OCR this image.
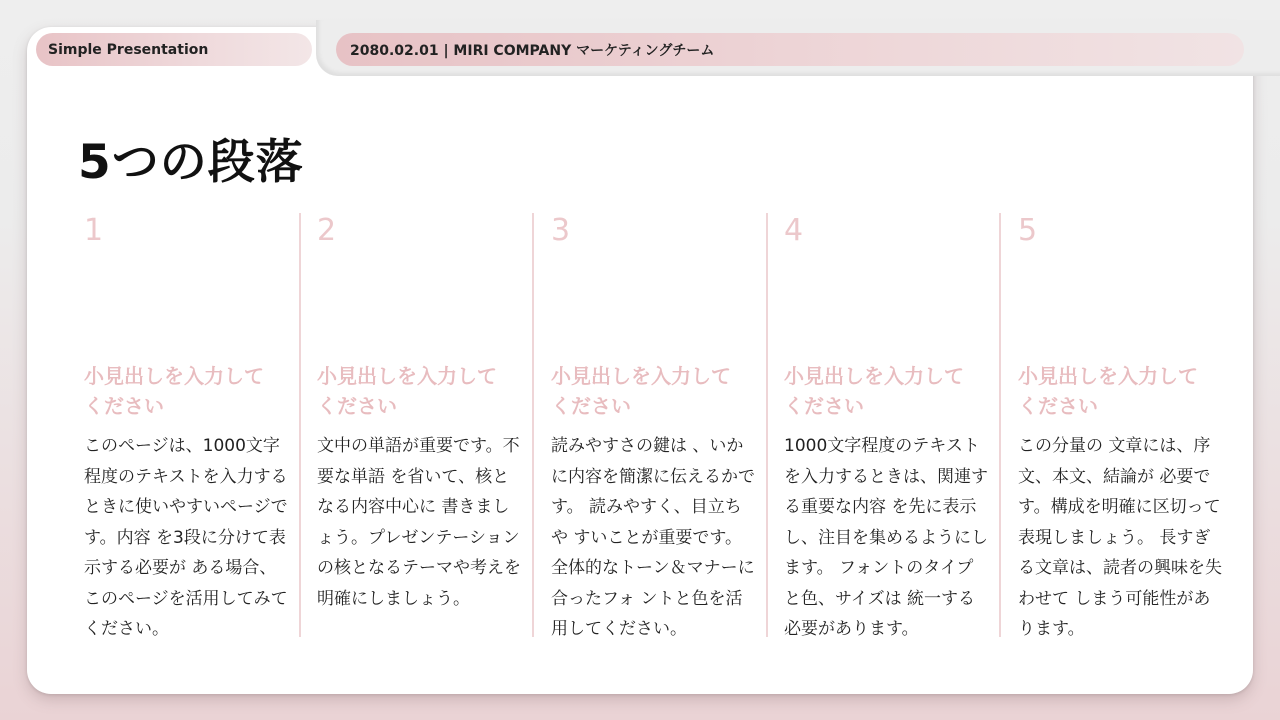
Simple Presentation	2080.02.01 | MIRI COMPANY マーケティングチーム
5つの段落
1
小見出しを入力してください
このページは、1000文字程度のテキストを入力するときに使いやすいページです。内容 を3段に分けて表示する必要が ある場合、このページを活用してみてください。
2
小見出しを入力してください
文中の単語が重要です。不要な単語 を省いて、核となる内容中心に 書きましょう。プレゼンテーションの核となるテーマや考えを 明確にしましょう。
3
小見出しを入力してください
読みやすさの鍵は 、いかに内容を簡潔に伝えるかです。 読みやすく、目立ちや すいことが重要です。 全体的なトーン＆マナーに合ったフォ ントと色を活用してください。
4
小見出しを入力してください
1000文字程度のテキストを入力するときは、関連する重要な内容 を先に表示し、注目を集めるようにします。 フォントのタイプと色、サイズは 統一する必要があります。
5
小見出しを入力してください
この分量の 文章には、序文、本文、結論が 必要です。構成を明確に区切って表現しましょう。 長すぎる文章は、読者の興味を失わせて しまう可能性があります。
